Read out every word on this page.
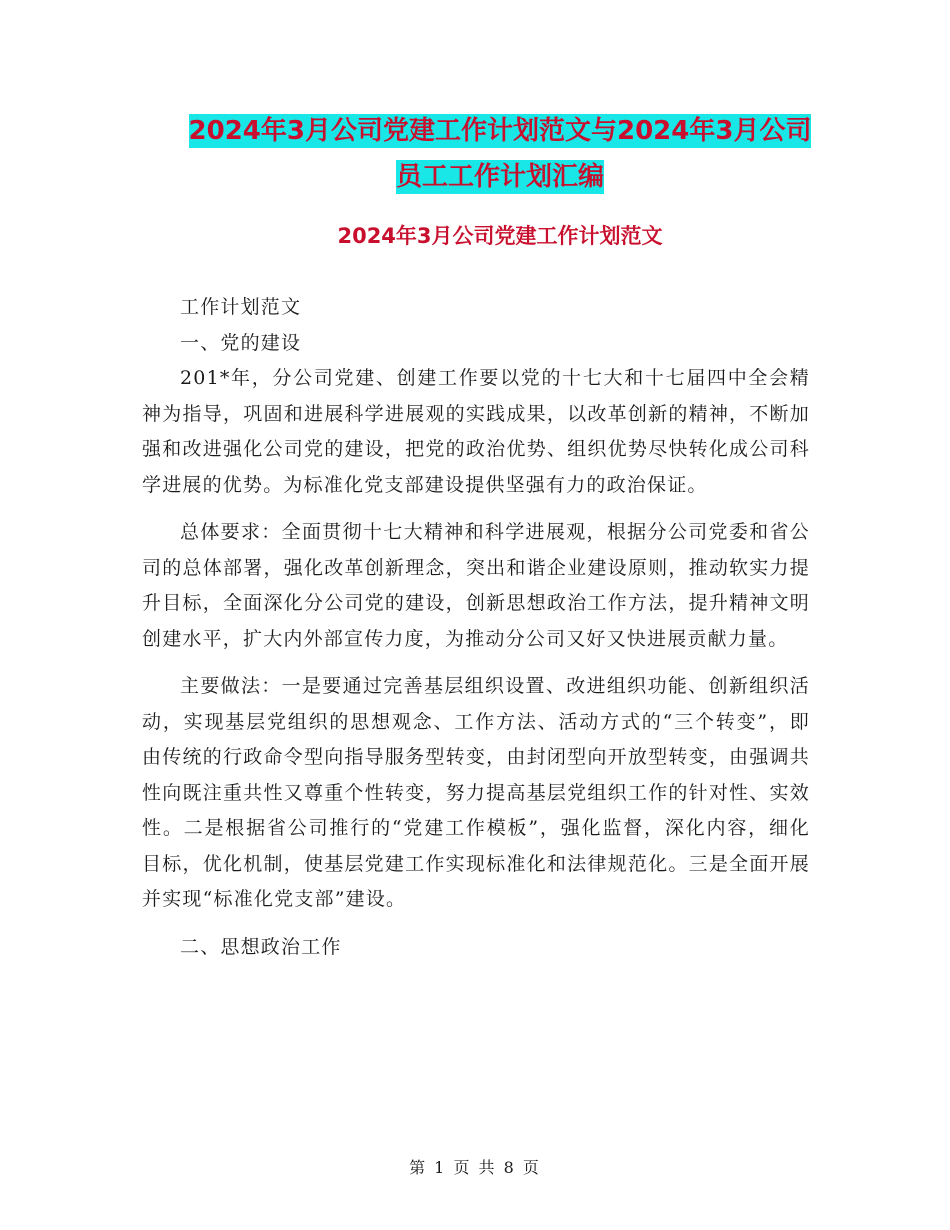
2024年3月公司党建工作计划范文与2024年3月公司
员工工作计划汇编
2024年3月公司党建工作计划范文

工作计划范文

一、党的建设

201*年，分公司党建、创建工作要以党的十七大和十七届四中全会精神为指导，巩固和进展科学进展观的实践成果，以改革创新的精神，不断加强和改进强化公司党的建设，把党的政治优势、组织优势尽快转化成公司科学进展的优势。为标准化党支部建设提供坚强有力的政治保证。

总体要求：全面贯彻十七大精神和科学进展观，根据分公司党委和省公司的总体部署，强化改革创新理念，突出和谐企业建设原则，推动软实力提升目标，全面深化分公司党的建设，创新思想政治工作方法，提升精神文明创建水平，扩大内外部宣传力度，为推动分公司又好又快进展贡献力量。

主要做法：一是要通过完善基层组织设置、改进组织功能、创新组织活动，实现基层党组织的思想观念、工作方法、活动方式的“三个转变”，即由传统的行政命令型向指导服务型转变，由封闭型向开放型转变，由强调共性向既注重共性又尊重个性转变，努力提高基层党组织工作的针对性、实效性。二是根据省公司推行的“党建工作模板”，强化监督，深化内容，细化目标，优化机制，使基层党建工作实现标准化和法律规范化。三是全面开展并实现“标准化党支部”建设。

二、思想政治工作

第 1 页 共 8 页
